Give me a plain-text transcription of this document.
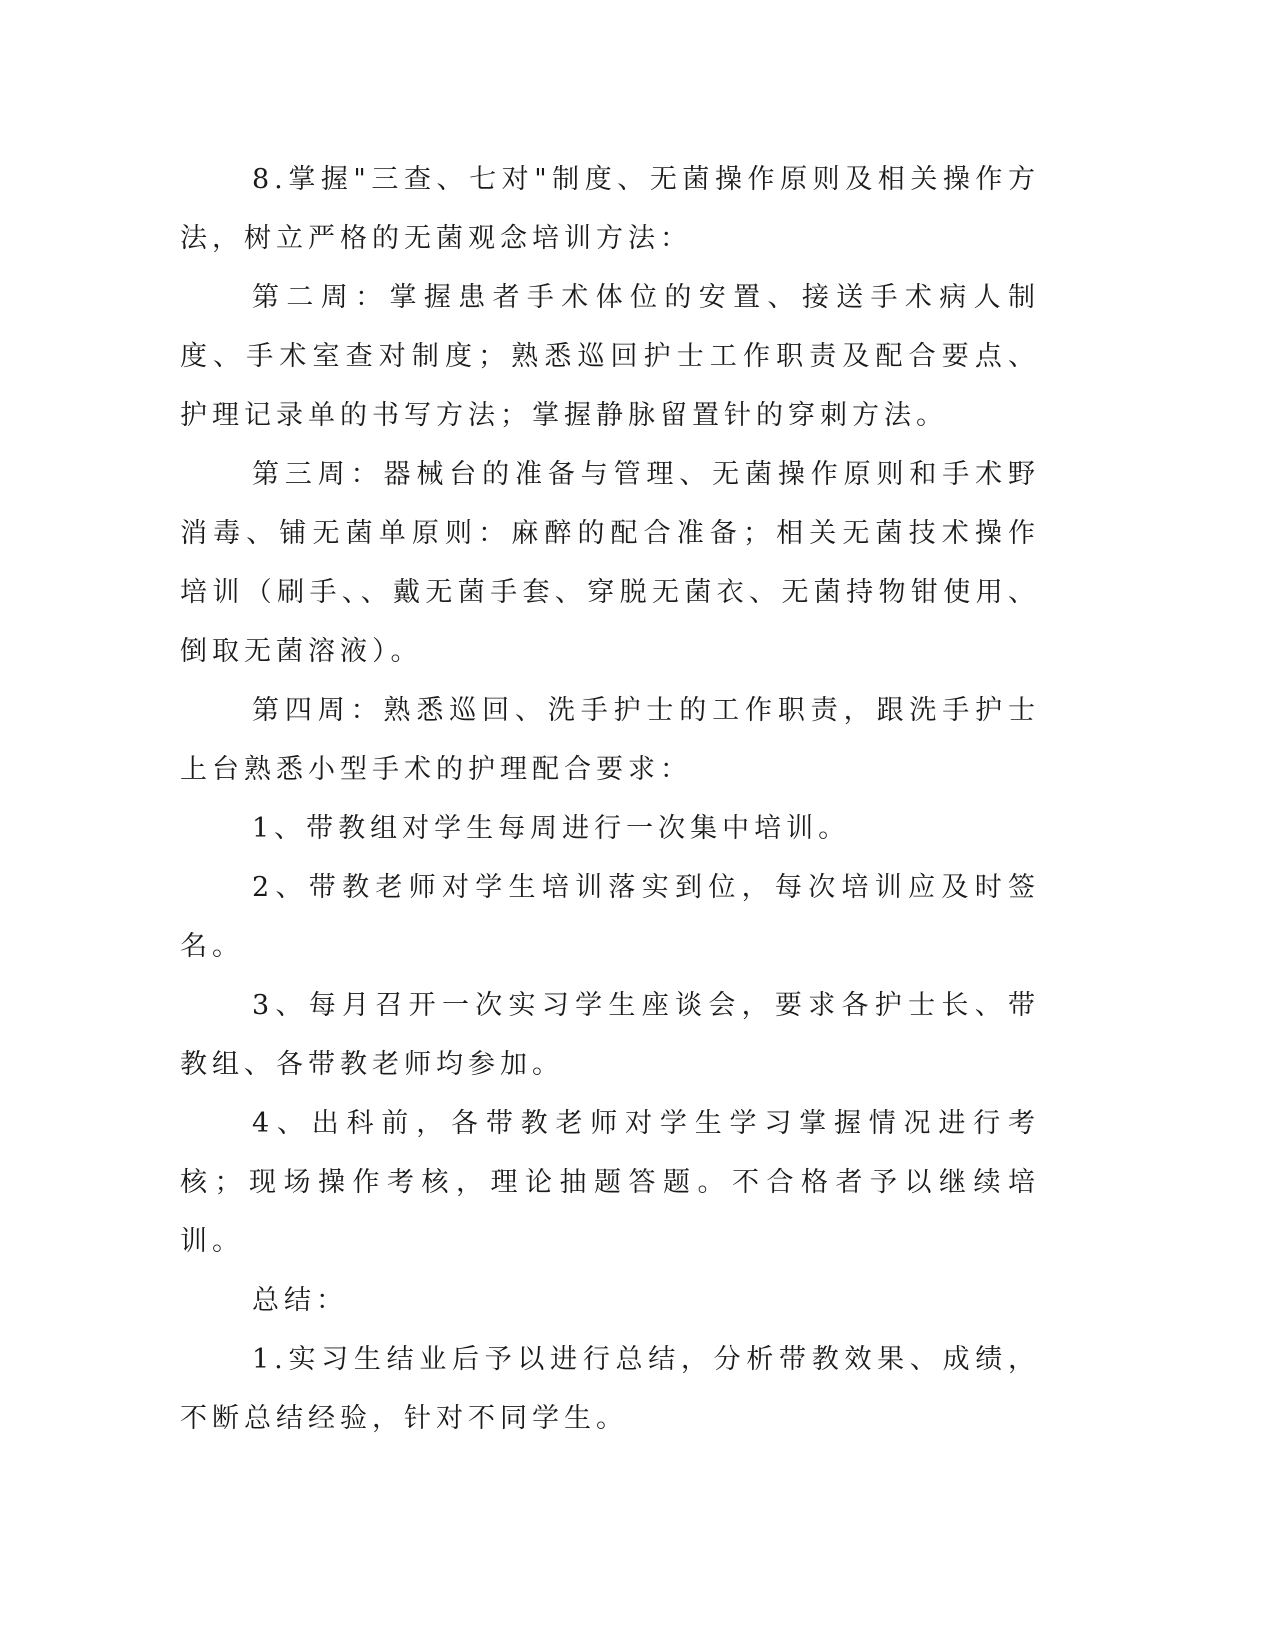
8.掌握"三查、七对"制度、无菌操作原则及相关操作方法，树立严格的无菌观念培训方法：

第二周：掌握患者手术体位的安置、接送手术病人制度、手术室查对制度；熟悉巡回护士工作职责及配合要点、护理记录单的书写方法；掌握静脉留置针的穿刺方法。

第三周：器械台的准备与管理、无菌操作原则和手术野消毒、铺无菌单原则：麻醉的配合准备；相关无菌技术操作培训（刷手、、戴无菌手套、穿脱无菌衣、无菌持物钳使用、倒取无菌溶液）。

第四周：熟悉巡回、洗手护士的工作职责，跟洗手护士上台熟悉小型手术的护理配合要求：

1、带教组对学生每周进行一次集中培训。

2、带教老师对学生培训落实到位，每次培训应及时签名。

3、每月召开一次实习学生座谈会，要求各护士长、带教组、各带教老师均参加。

4、出科前，各带教老师对学生学习掌握情况进行考核；现场操作考核，理论抽题答题。不合格者予以继续培训。

总结：

1.实习生结业后予以进行总结，分析带教效果、成绩，不断总结经验，针对不同学生。
